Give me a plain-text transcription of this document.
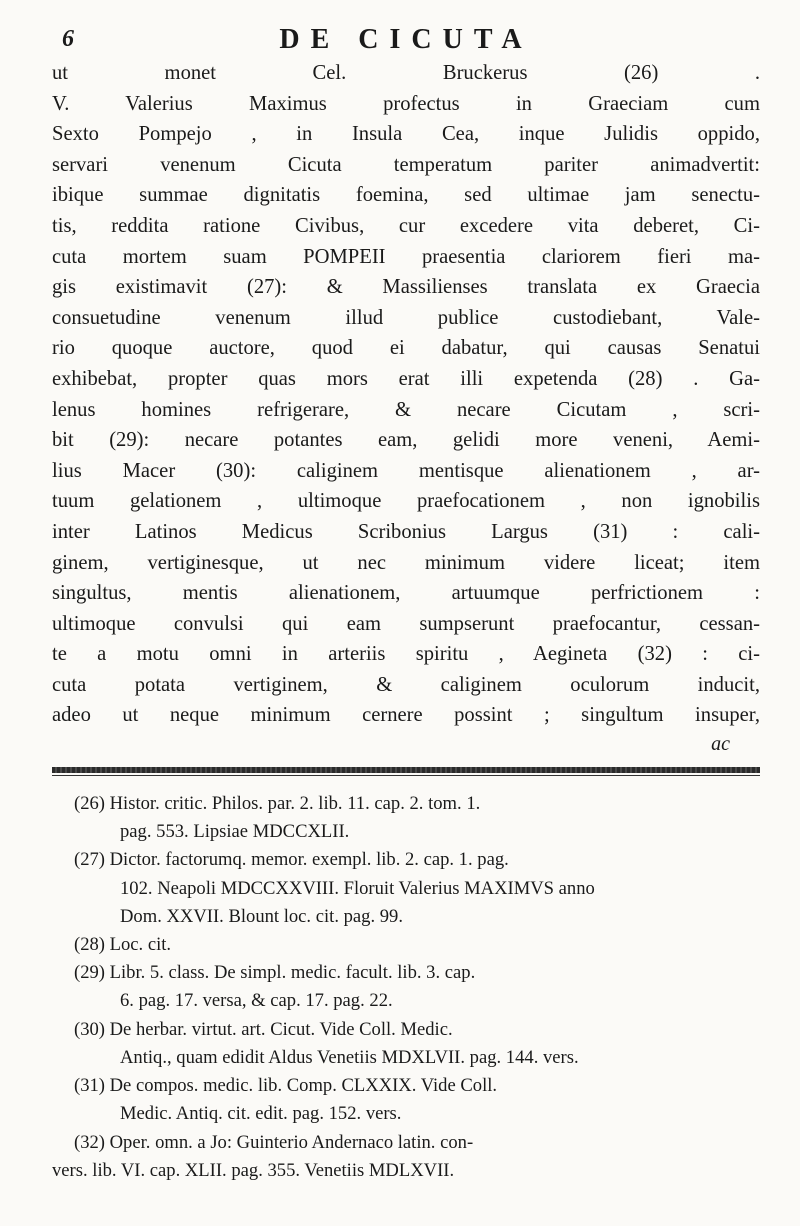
6	DE CICUTA
ut monet Cel. Bruckerus (26) .
V. Valerius Maximus profectus in Graeciam cum
Sexto Pompejo , in Insula Cea, inque Julidis oppido,
servari venenum Cicuta temperatum pariter animadvertit:
ibique summae dignitatis foemina, sed ultimae jam senectu-
tis, reddita ratione Civibus, cur excedere vita deberet, Ci-
cuta mortem suam POMPEII praesentia clariorem fieri ma-
gis existimavit (27): & Massilienses translata ex Graecia
consuetudine venenum illud publice custodiebant, Vale-
rio quoque auctore, quod ei dabatur, qui causas Senatui
exhibebat, propter quas mors erat illi expetenda (28) . Ga-
lenus homines refrigerare, & necare Cicutam , scri-
bit (29): necare potantes eam, gelidi more veneni, Aemi-
lius Macer (30): caliginem mentisque alienationem , ar-
tuum gelationem , ultimoque praefocationem , non ignobilis
inter Latinos Medicus Scribonius Largus (31) : cali-
ginem, vertiginesque, ut nec minimum videre liceat; item
singultus, mentis alienationem, artuumque perfrictionem :
ultimoque convulsi qui eam sumpserunt praefocantur, cessan-
te a motu omni in arteriis spiritu , Aegineta (32) : ci-
cuta potata vertiginem, & caliginem oculorum inducit,
adeo ut neque minimum cernere possint ; singultum insuper,
ac
(26) Histor. critic. Philos. par. 2. lib. 11. cap. 2. tom. 1.
pag. 553. Lipsiae MDCCXLII.
(27) Dictor. factorumq. memor. exempl. lib. 2. cap. 1. pag.
102. Neapoli MDCCXXVIII. Floruit Valerius MAXIMVS anno
Dom. XXVII. Blount loc. cit. pag. 99.
(28) Loc. cit.
(29) Libr. 5. class. De simpl. medic. facult. lib. 3. cap.
6. pag. 17. versa, & cap. 17. pag. 22.
(30) De herbar. virtut. art. Cicut. Vide Coll. Medic.
Antiq., quam edidit Aldus Venetiis MDXLVII. pag. 144. vers.
(31) De compos. medic. lib. Comp. CLXXIX. Vide Coll.
Medic. Antiq. cit. edit. pag. 152. vers.
(32) Oper. omn. a Jo: Guinterio Andernaco latin. con-
vers. lib. VI. cap. XLII. pag. 355. Venetiis MDLXVII.
